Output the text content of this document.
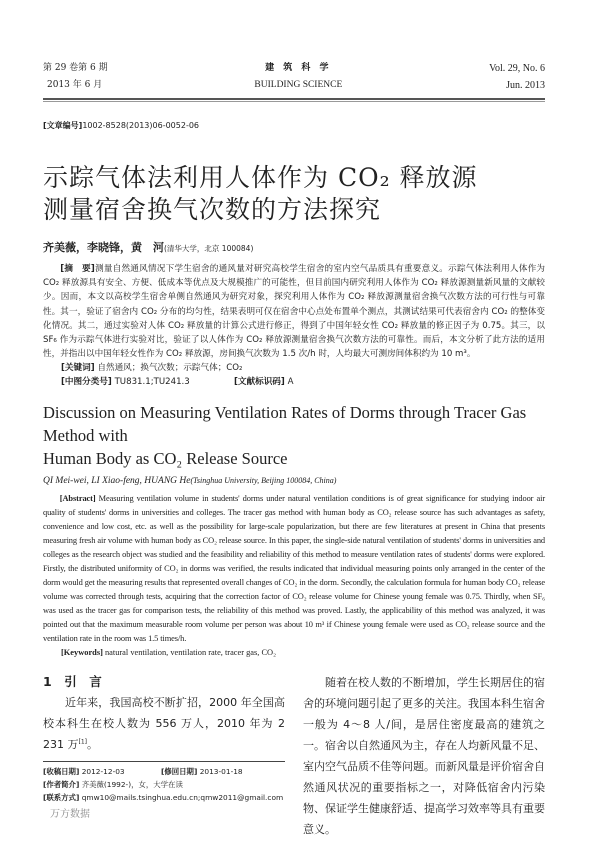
第 29 卷第 6 期
2013 年 6 月
建 筑 科 学
BUILDING SCIENCE
Vol. 29, No. 6
Jun. 2013
[文章编号]1002-8528(2013)06-0052-06
示踪气体法利用人体作为 CO₂ 释放源
测量宿舍换气次数的方法探究
齐美薇，李晓锋，黄　河(清华大学，北京 100084)
[摘　要]测量自然通风情况下学生宿舍的通风量对研究高校学生宿舍的室内空气品质具有重要意义。示踪气体法利用人体作为 CO₂ 释放源具有安全、方便、低成本等优点及大规模推广的可能性，但目前国内研究利用人体作为 CO₂ 释放源测量新风量的文献较少。因而，本文以高校学生宿舍单侧自然通风为研究对象，探究利用人体作为 CO₂ 释放源测量宿舍换气次数方法的可行性与可靠性。其一，验证了宿舍内 CO₂ 分布的均匀性，结果表明可仅在宿舍中心点处布置单个测点，其测试结果可代表宿舍内 CO₂ 的整体变化情况。其二，通过实验对人体 CO₂ 释放量的计算公式进行修正，得到了中国年轻女性 CO₂ 释放量的修正因子为 0.75。其三，以 SF₆ 作为示踪气体进行实验对比，验证了以人体作为 CO₂ 释放源测量宿舍换气次数方法的可靠性。而后，本文分析了此方法的适用性，并指出以中国年轻女性作为 CO₂ 释放源，房间换气次数为 1.5 次/h 时，人均最大可测房间体积约为 10 m³。
[关键词] 自然通风；换气次数；示踪气体；CO₂
[中图分类号] TU831.1;TU241.3	[文献标识码] A
Discussion on Measuring Ventilation Rates of Dorms through Tracer Gas Method with
Human Body as CO₂ Release Source
QI Mei-wei, LI Xiao-feng, HUANG He(Tsinghua University, Beijing 100084, China)
[Abstract] Measuring ventilation volume in students' dorms under natural ventilation conditions is of great significance for studying indoor air quality of students' dorms in universities and colleges. The tracer gas method with human body as CO₂ release source has such advantages as safety, convenience and low cost, etc. as well as the possibility for large-scale popularization, but there are few literatures at present in China that presents measuring fresh air volume with human body as CO₂ release source. In this paper, the single-side natural ventilation of students' dorms in universities and colleges as the research object was studied and the feasibility and reliability of this method to measure ventilation rates of students' dorms were explored. Firstly, the distributed uniformity of CO₂ in dorms was verified, the results indicated that individual measuring points only arranged in the center of the dorm would get the measuring results that represented overall changes of CO₂ in the dorm. Secondly, the calculation formula for human body CO₂ release volume was corrected through tests, acquiring that the correction factor of CO₂ release volume for Chinese young female was 0.75. Thirdly, when SF₆ was used as the tracer gas for comparison tests, the reliability of this method was proved. Lastly, the applicability of this method was analyzed, it was pointed out that the maximum measurable room volume per person was about 10 m³ if Chinese young female were used as CO₂ release source and the ventilation rate in the room was 1.5 times/h.
[Keywords] natural ventilation, ventilation rate, tracer gas, CO₂
1　引　言
近年来，我国高校不断扩招，2000 年全国高校本科生在校人数为 556 万人，2010 年为 2 231 万[1]。
[收稿日期] 2012-12-03	[修回日期] 2013-01-18
[作者简介] 齐美薇(1992-)，女，大学在读
[联系方式] qmw10@mails.tsinghua.edu.cn;qmw2011@gmail.com
万方数据
随着在校人数的不断增加，学生长期居住的宿舍的环境问题引起了更多的关注。我国本科生宿舍一般为 4～8 人/间，是居住密度最高的建筑之一。宿舍以自然通风为主，存在人均新风量不足、室内空气品质不佳等问题。而新风量是评价宿舍自然通风状况的重要指标之一，对降低宿舍内污染物、保证学生健康舒适、提高学习效率等具有重要意义。
